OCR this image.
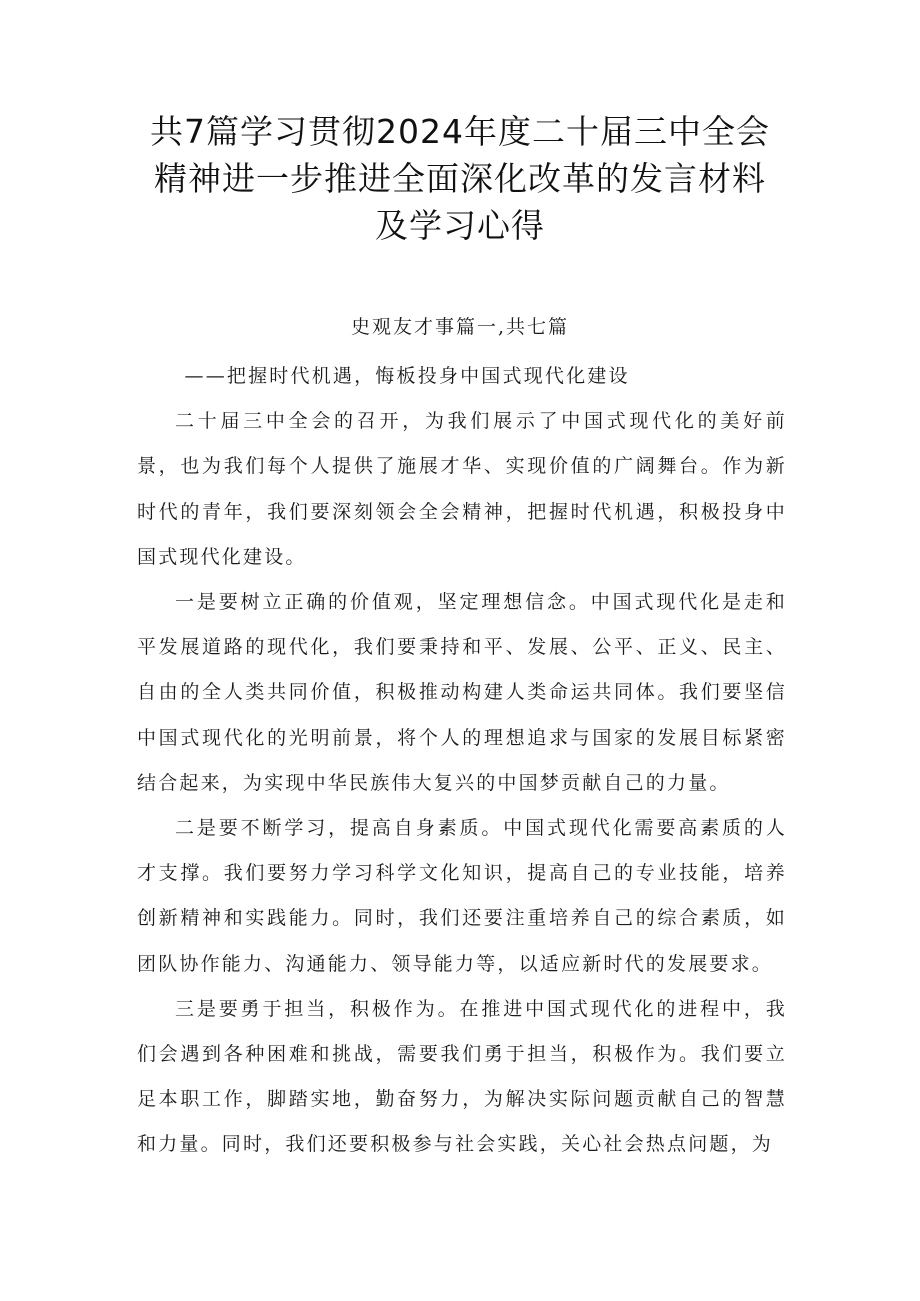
共7篇学习贯彻2024年度二十届三中全会
精神进一步推进全面深化改革的发言材料
及学习心得
史观友才事篇一,共七篇

——把握时代机遇，悔板投身中国式现代化建设

二十届三中全会的召开，为我们展示了中国式现代化的美好前景，也为我们每个人提供了施展才华、实现价值的广阔舞台。作为新时代的青年，我们要深刻领会全会精神，把握时代机遇，积极投身中国式现代化建设。

一是要树立正确的价值观，坚定理想信念。中国式现代化是走和平发展道路的现代化，我们要秉持和平、发展、公平、正义、民主、自由的全人类共同价值，积极推动构建人类命运共同体。我们要坚信中国式现代化的光明前景，将个人的理想追求与国家的发展目标紧密结合起来，为实现中华民族伟大复兴的中国梦贡献自己的力量。

二是要不断学习，提高自身素质。中国式现代化需要高素质的人才支撑。我们要努力学习科学文化知识，提高自己的专业技能，培养创新精神和实践能力。同时，我们还要注重培养自己的综合素质，如团队协作能力、沟通能力、领导能力等，以适应新时代的发展要求。

三是要勇于担当，积极作为。在推进中国式现代化的进程中，我们会遇到各种困难和挑战，需要我们勇于担当，积极作为。我们要立足本职工作，脚踏实地，勤奋努力，为解决实际问题贡献自己的智慧和力量。同时，我们还要积极参与社会实践，关心社会热点问题，为
